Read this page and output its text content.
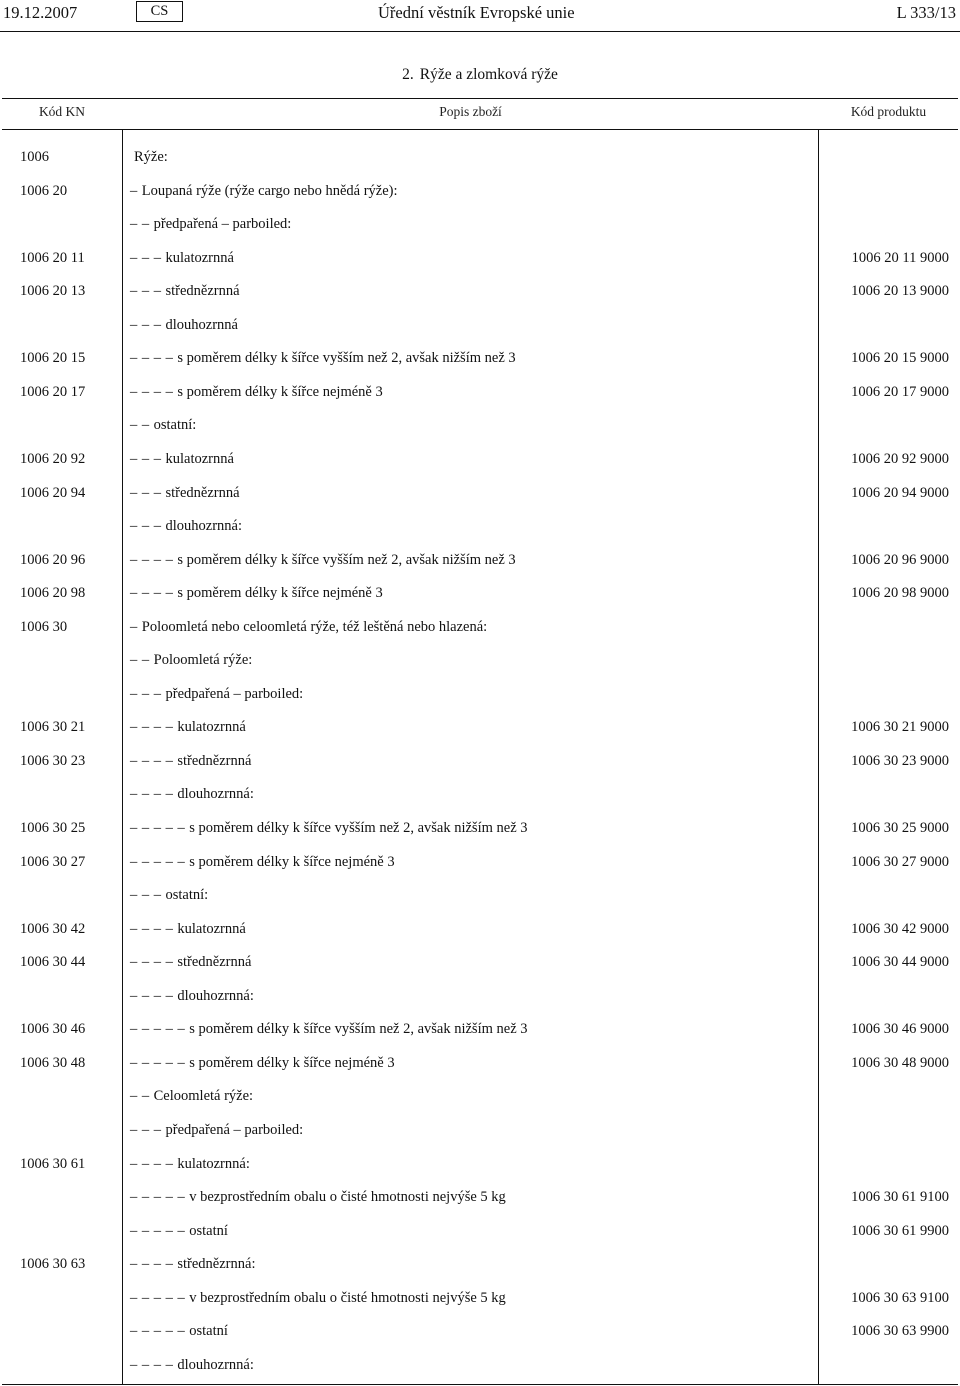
19.12.2007	CS	Úřední věstník Evropské unie	L 333/13
2. Rýže a zlomková rýže
Kód KN	Popis zboží	Kód produktu
1006	Rýže:
1006 20	– Loupaná rýže (rýže cargo nebo hnědá rýže):
– – předpařená – parboiled:
1006 20 11	– – – kulatozrnná	1006 20 11 9000
1006 20 13	– – – střednězrnná	1006 20 13 9000
– – – dlouhozrnná
1006 20 15	– – – – s poměrem délky k šířce vyšším než 2, avšak nižším než 3	1006 20 15 9000
1006 20 17	– – – – s poměrem délky k šířce nejméně 3	1006 20 17 9000
– – ostatní:
1006 20 92	– – – kulatozrnná	1006 20 92 9000
1006 20 94	– – – střednězrnná	1006 20 94 9000
– – – dlouhozrnná:
1006 20 96	– – – – s poměrem délky k šířce vyšším než 2, avšak nižším než 3	1006 20 96 9000
1006 20 98	– – – – s poměrem délky k šířce nejméně 3	1006 20 98 9000
1006 30	– Poloomletá nebo celoomletá rýže, též leštěná nebo hlazená:
– – Poloomletá rýže:
– – – předpařená – parboiled:
1006 30 21	– – – – kulatozrnná	1006 30 21 9000
1006 30 23	– – – – střednězrnná	1006 30 23 9000
– – – – dlouhozrnná:
1006 30 25	– – – – – s poměrem délky k šířce vyšším než 2, avšak nižším než 3	1006 30 25 9000
1006 30 27	– – – – – s poměrem délky k šířce nejméně 3	1006 30 27 9000
– – – ostatní:
1006 30 42	– – – – kulatozrnná	1006 30 42 9000
1006 30 44	– – – – střednězrnná	1006 30 44 9000
– – – – dlouhozrnná:
1006 30 46	– – – – – s poměrem délky k šířce vyšším než 2, avšak nižším než 3	1006 30 46 9000
1006 30 48	– – – – – s poměrem délky k šířce nejméně 3	1006 30 48 9000
– – Celoomletá rýže:
– – – předpařená – parboiled:
1006 30 61	– – – – kulatozrnná:
– – – – – v bezprostředním obalu o čisté hmotnosti nejvýše 5 kg	1006 30 61 9100
– – – – – ostatní	1006 30 61 9900
1006 30 63	– – – – střednězrnná:
– – – – – v bezprostředním obalu o čisté hmotnosti nejvýše 5 kg	1006 30 63 9100
– – – – – ostatní	1006 30 63 9900
– – – – dlouhozrnná:
